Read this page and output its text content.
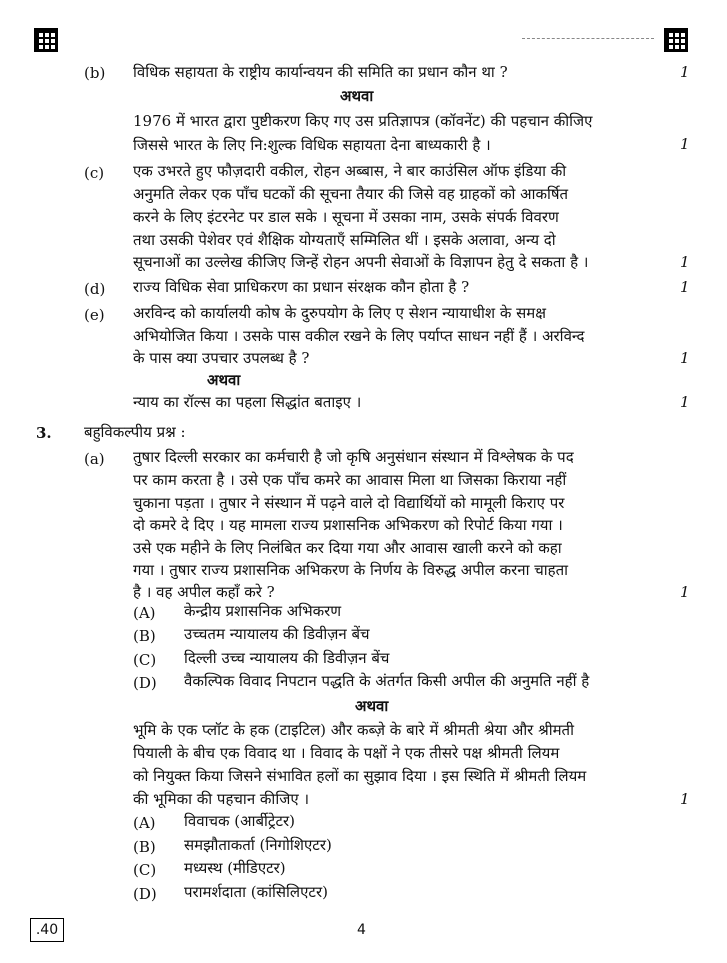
(b) विधिक सहायता के राष्ट्रीय कार्यान्वयन की समिति का प्रधान कौन था ?	1
अथवा
1976 में भारत द्वारा पुष्टीकरण किए गए उस प्रतिज्ञापत्र (कॉवनेंट) की पहचान कीजिए
जिससे भारत के लिए नि:शुल्क विधिक सहायता देना बाध्यकारी है ।	1
(c) एक उभरते हुए फौज़दारी वकील, रोहन अब्बास, ने बार काउंसिल ऑफ इंडिया की
अनुमति लेकर एक पाँच घटकों की सूचना तैयार की जिसे वह ग्राहकों को आकर्षित
करने के लिए इंटरनेट पर डाल सके । सूचना में उसका नाम, उसके संपर्क विवरण
तथा उसकी पेशेवर एवं शैक्षिक योग्यताएँ सम्मिलित थीं । इसके अलावा, अन्य दो
सूचनाओं का उल्लेख कीजिए जिन्हें रोहन अपनी सेवाओं के विज्ञापन हेतु दे सकता है ।	1
(d) राज्य विधिक सेवा प्राधिकरण का प्रधान संरक्षक कौन होता है ?	1
(e) अरविन्द को कार्यालयी कोष के दुरुपयोग के लिए ए सेशन न्यायाधीश के समक्ष
अभियोजित किया । उसके पास वकील रखने के लिए पर्याप्त साधन नहीं हैं । अरविन्द
के पास क्या उपचार उपलब्ध है ?	1
अथवा
न्याय का रॉल्स का पहला सिद्धांत बताइए ।	1
3. बहुविकल्पीय प्रश्न :
(a) तुषार दिल्ली सरकार का कर्मचारी है जो कृषि अनुसंधान संस्थान में विश्लेषक के पद
पर काम करता है । उसे एक पाँच कमरे का आवास मिला था जिसका किराया नहीं
चुकाना पड़ता । तुषार ने संस्थान में पढ़ने वाले दो विद्यार्थियों को मामूली किराए पर
दो कमरे दे दिए । यह मामला राज्य प्रशासनिक अभिकरण को रिपोर्ट किया गया ।
उसे एक महीने के लिए निलंबित कर दिया गया और आवास खाली करने को कहा
गया । तुषार राज्य प्रशासनिक अभिकरण के निर्णय के विरुद्ध अपील करना चाहता
है । वह अपील कहाँ करे ?	1
(A) केन्द्रीय प्रशासनिक अभिकरण
(B) उच्चतम न्यायालय की डिवीज़न बेंच
(C) दिल्ली उच्च न्यायालय की डिवीज़न बेंच
(D) वैकल्पिक विवाद निपटान पद्धति के अंतर्गत किसी अपील की अनुमति नहीं है
अथवा
भूमि के एक प्लॉट के हक (टाइटिल) और कब्ज़े के बारे में श्रीमती श्रेया और श्रीमती
पियाली के बीच एक विवाद था । विवाद के पक्षों ने एक तीसरे पक्ष श्रीमती लियम
को नियुक्त किया जिसने संभावित हलों का सुझाव दिया । इस स्थिति में श्रीमती लियम
की भूमिका की पहचान कीजिए ।	1
(A) विवाचक (आर्बीट्रेटर)
(B) समझौताकर्ता (निगोशिएटर)
(C) मध्यस्थ (मीडिएटर)
(D) परामर्शदाता (कांसिलिएटर)
.40	4
